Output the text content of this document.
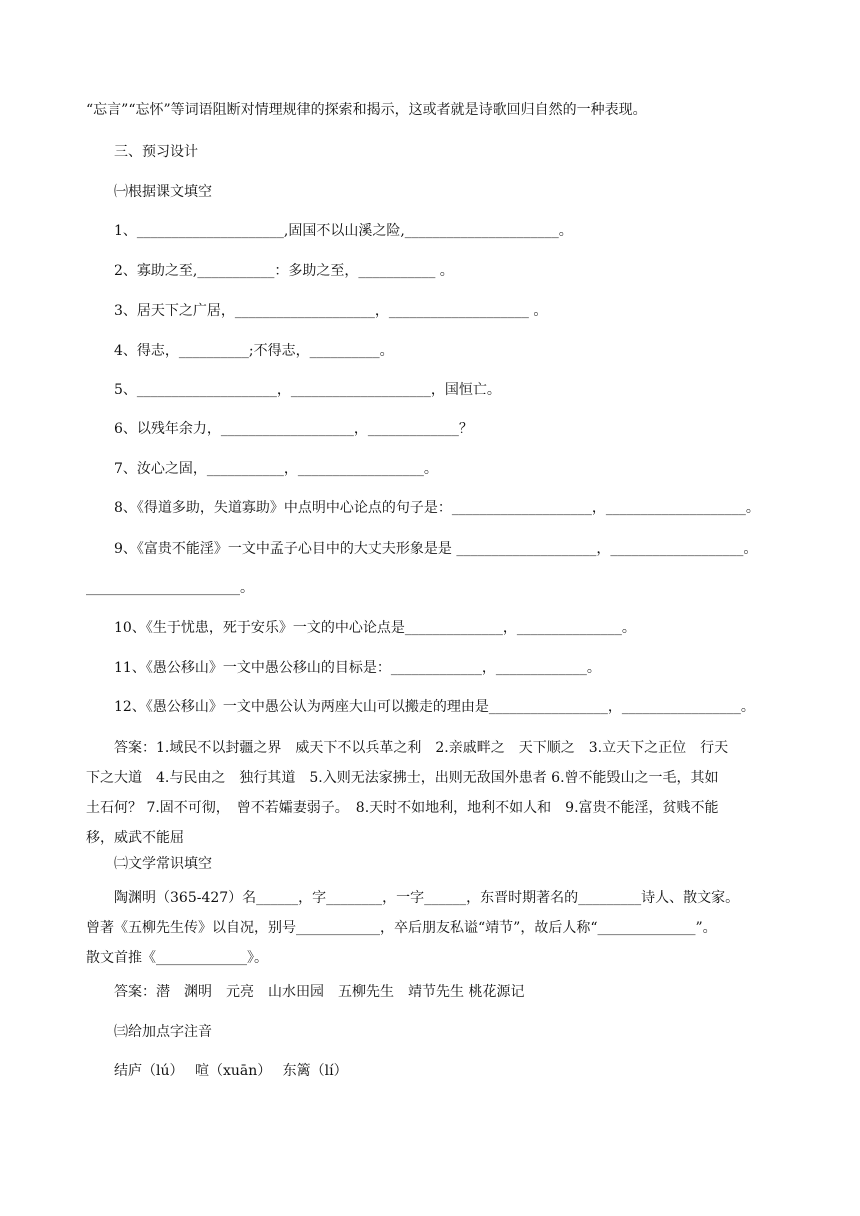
“忘言”“忘怀”等词语阻断对情理规律的探索和揭示，这或者就是诗歌回归自然的一种表现。
三、预习设计
㈠根据课文填空
1、_____________________,固国不以山溪之险,______________________。
2、寡助之至,___________：多助之至，___________ 。
3、居天下之广居，____________________，____________________ 。
4、得志，__________;不得志，__________。
5、____________________，____________________，国恒亡。
6、以残年余力，___________________，_____________？
7、汝心之固，___________，__________________。
8、《得道多助，失道寡助》中点明中心论点的句子是：____________________，____________________。
9、《富贵不能淫》一文中孟子心目中的大丈夫形象是是 ____________________，___________________。
______________________。
10、《生于忧患，死于安乐》一文的中心论点是______________，_______________。
11、《愚公移山》一文中愚公移山的目标是：_____________，_____________。
12、《愚公移山》一文中愚公认为两座大山可以搬走的理由是_________________，_________________。
答案：1.域民不以封疆之界　威天下不以兵革之利　2.亲戚畔之　天下顺之　3.立天下之正位　行天
下之大道　4.与民由之　独行其道　5.入则无法家拂士，出则无敌国外患者 6.曾不能毁山之一毛，其如
土石何？ 7.固不可彻，　曾不若孀妻弱子。　8.天时不如地利，地利不如人和　9.富贵不能淫，贫贱不能
移，威武不能屈
㈡文学常识填空
陶渊明（365-427）名______，字________，一字______，东晋时期著名的_________诗人、散文家。
曾著《五柳先生传》以自况，别号____________，卒后朋友私谥“靖节”，故后人称“______________”。
散文首推《_____________》。
答案：潜　渊明　元亮　山水田园　五柳先生　靖节先生 桃花源记
㈢给加点字注音
结庐（lú）　 喧（xuān）　 东篱（lí）
